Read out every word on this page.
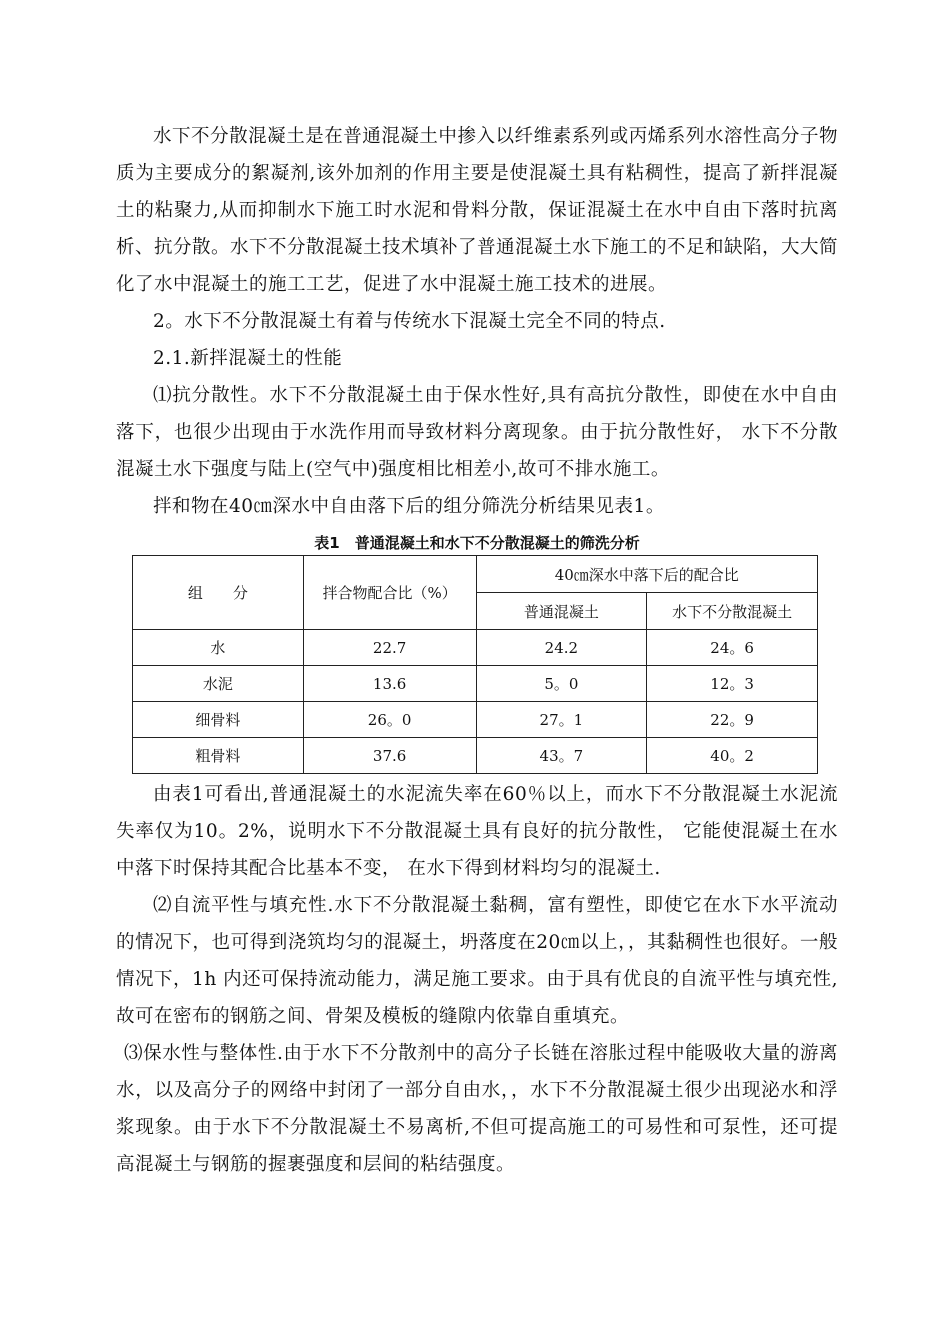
水下不分散混凝土是在普通混凝土中掺入以纤维素系列或丙烯系列水溶性高分子物质为主要成分的絮凝剂,该外加剂的作用主要是使混凝土具有粘稠性，提高了新拌混凝土的粘聚力,从而抑制水下施工时水泥和骨料分散，保证混凝土在水中自由下落时抗离析、抗分散。水下不分散混凝土技术填补了普通混凝土水下施工的不足和缺陷，大大简化了水中混凝土的施工工艺，促进了水中混凝土施工技术的进展。

2。水下不分散混凝土有着与传统水下混凝土完全不同的特点.

2.1.新拌混凝土的性能

⑴抗分散性。水下不分散混凝土由于保水性好,具有高抗分散性，即使在水中自由落下，也很少出现由于水洗作用而导致材料分离现象。由于抗分散性好， 水下不分散混凝土水下强度与陆上(空气中)强度相比相差小,故可不排水施工。

拌和物在40㎝深水中自由落下后的组分筛洗分析结果见表1。

表1　普通混凝土和水下不分散混凝土的筛洗分析
组　　分	拌合物配合比（%）	40㎝深水中落下后的配合比	
		普通混凝土	水下不分散混凝土
水	22.7	24.2	24。6
水泥	13.6	5。0	12。3
细骨料	26。0	27。1	22。9
粗骨料	37.6	43。7	40。2

由表1可看出,普通混凝土的水泥流失率在60％以上，而水下不分散混凝土水泥流失率仅为10。2%，说明水下不分散混凝土具有良好的抗分散性， 它能使混凝土在水中落下时保持其配合比基本不变， 在水下得到材料均匀的混凝土.

⑵自流平性与填充性.水下不分散混凝土黏稠，富有塑性，即使它在水下水平流动的情况下，也可得到浇筑均匀的混凝土，坍落度在20㎝以上，，其黏稠性也很好。一般情况下，1h 内还可保持流动能力，满足施工要求。由于具有优良的自流平性与填充性,故可在密布的钢筋之间、骨架及模板的缝隙内依靠自重填充。

⑶保水性与整体性.由于水下不分散剂中的高分子长链在溶胀过程中能吸收大量的游离水，以及高分子的网络中封闭了一部分自由水，，水下不分散混凝土很少出现泌水和浮浆现象。由于水下不分散混凝土不易离析,不但可提高施工的可易性和可泵性，还可提高混凝土与钢筋的握裹强度和层间的粘结强度。
